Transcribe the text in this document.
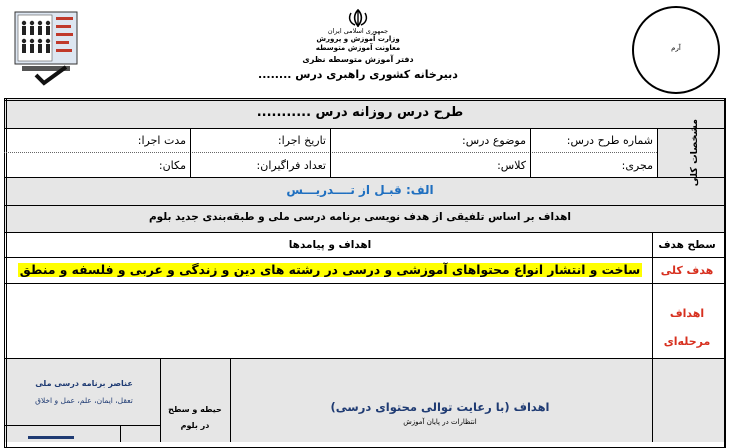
جمهوری اسلامی ایران
وزارت آموزش و پرورش
معاونت آموزش متوسطه
دفتر آموزش متوسطه نظری
دبیرخانه کشوری راهبری درس ........
آرم
طرح درس روزانه درس ...........
مشخصات کلی
شماره طرح درس:
موضوع درس:
تاریخ اجرا:
مدت اجرا:
مجری:
کلاس:
تعداد فراگیران:
مکان:
الف: قبـل از تــــدریـــس
اهداف بر اساس تلفیقی از هدف نویسی برنامه درسی ملی و طبقه‌بندی جدید بلوم
سطح هدف
اهداف و پیامدها
هدف کلی
ساخت و انتشار انواع محتواهای آموزشی و درسی در رشته های دین و زندگی و عربی و فلسفه و منطق
اهداف مرحله‌ای
اهداف (با رعایت توالی محتوای درسی)
انتظارات در پایان آموزش
حیطه و سطح در بلوم
عناصر برنامه درسی ملی
تعقل، ایمان، علم، عمل و اخلاق
